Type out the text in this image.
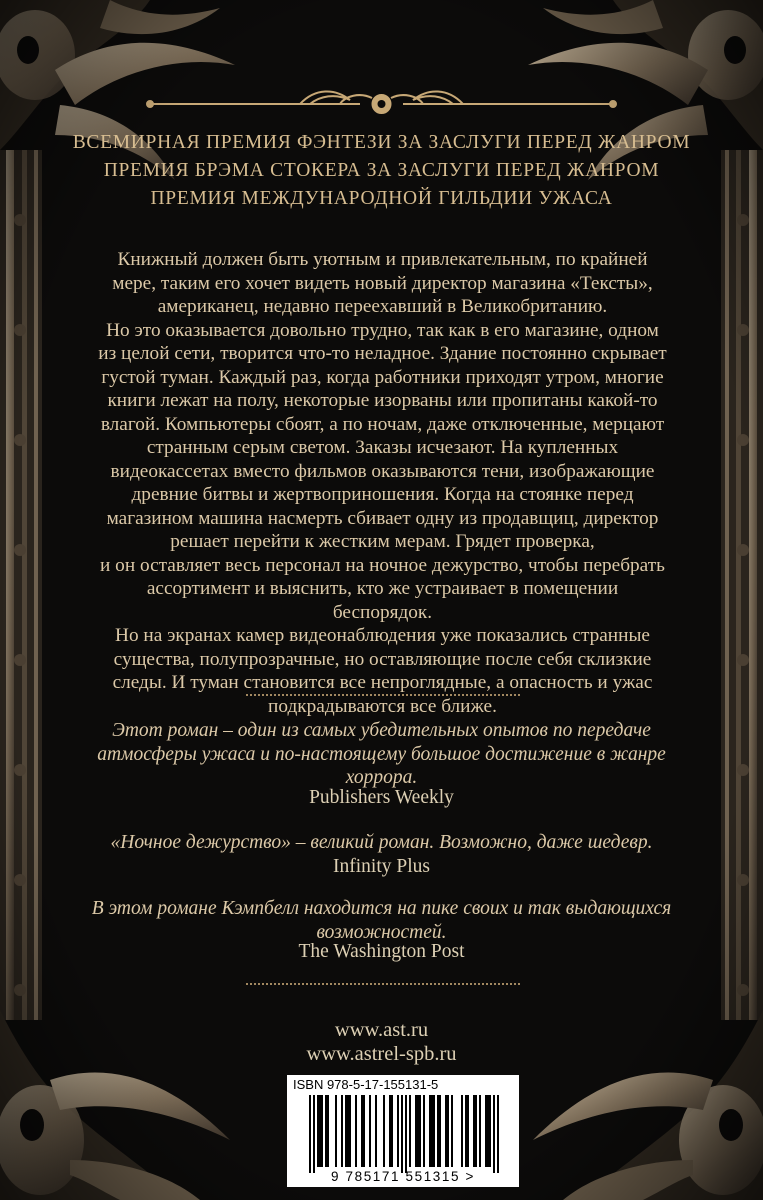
ВСЕМИРНАЯ ПРЕМИЯ ФЭНТЕЗИ ЗА ЗАСЛУГИ ПЕРЕД ЖАНРОМ
ПРЕМИЯ БРЭМА СТОКЕРА ЗА ЗАСЛУГИ ПЕРЕД ЖАНРОМ
ПРЕМИЯ МЕЖДУНАРОДНОЙ ГИЛЬДИИ УЖАСА

Книжный должен быть уютным и привлекательным, по крайней мере, таким его хочет видеть новый директор магазина «Тексты», американец, недавно переехавший в Великобританию.

Но это оказывается довольно трудно, так как в его магазине, одном из целой сети, творится что-то неладное. Здание постоянно скрывает густой туман. Каждый раз, когда работники приходят утром, многие книги лежат на полу, некоторые изорваны или пропитаны какой-то влагой. Компьютеры сбоят, а по ночам, даже отключенные, мерцают странным серым светом. Заказы исчезают. На купленных видеокассетах вместо фильмов оказываются тени, изображающие древние битвы и жертвоприношения. Когда на стоянке перед магазином машина насмерть сбивает одну из продавщиц, директор решает перейти к жестким мерам. Грядет проверка,

и он оставляет весь персонал на ночное дежурство, чтобы перебрать ассортимент и выяснить, кто же устраивает в помещении беспорядок.

Но на экранах камер видеонаблюдения уже показались странные существа, полупрозрачные, но оставляющие после себя склизкие следы. И туман становится все непроглядные, а опасность и ужас подкрадываются все ближе.

Этот роман – один из самых убедительных опытов по передаче атмосферы ужаса и по-настоящему большое достижение в жанре хоррора.
Publishers Weekly
«Ночное дежурство» – великий роман. Возможно, даже шедевр.
Infinity Plus
В этом романе Кэмпбелл находится на пике своих и так выдающихся возможностей.
The Washington Post
www.ast.ru
www.astrel-spb.ru
ISBN 978-5-17-155131-5
9 785171 551315 >
